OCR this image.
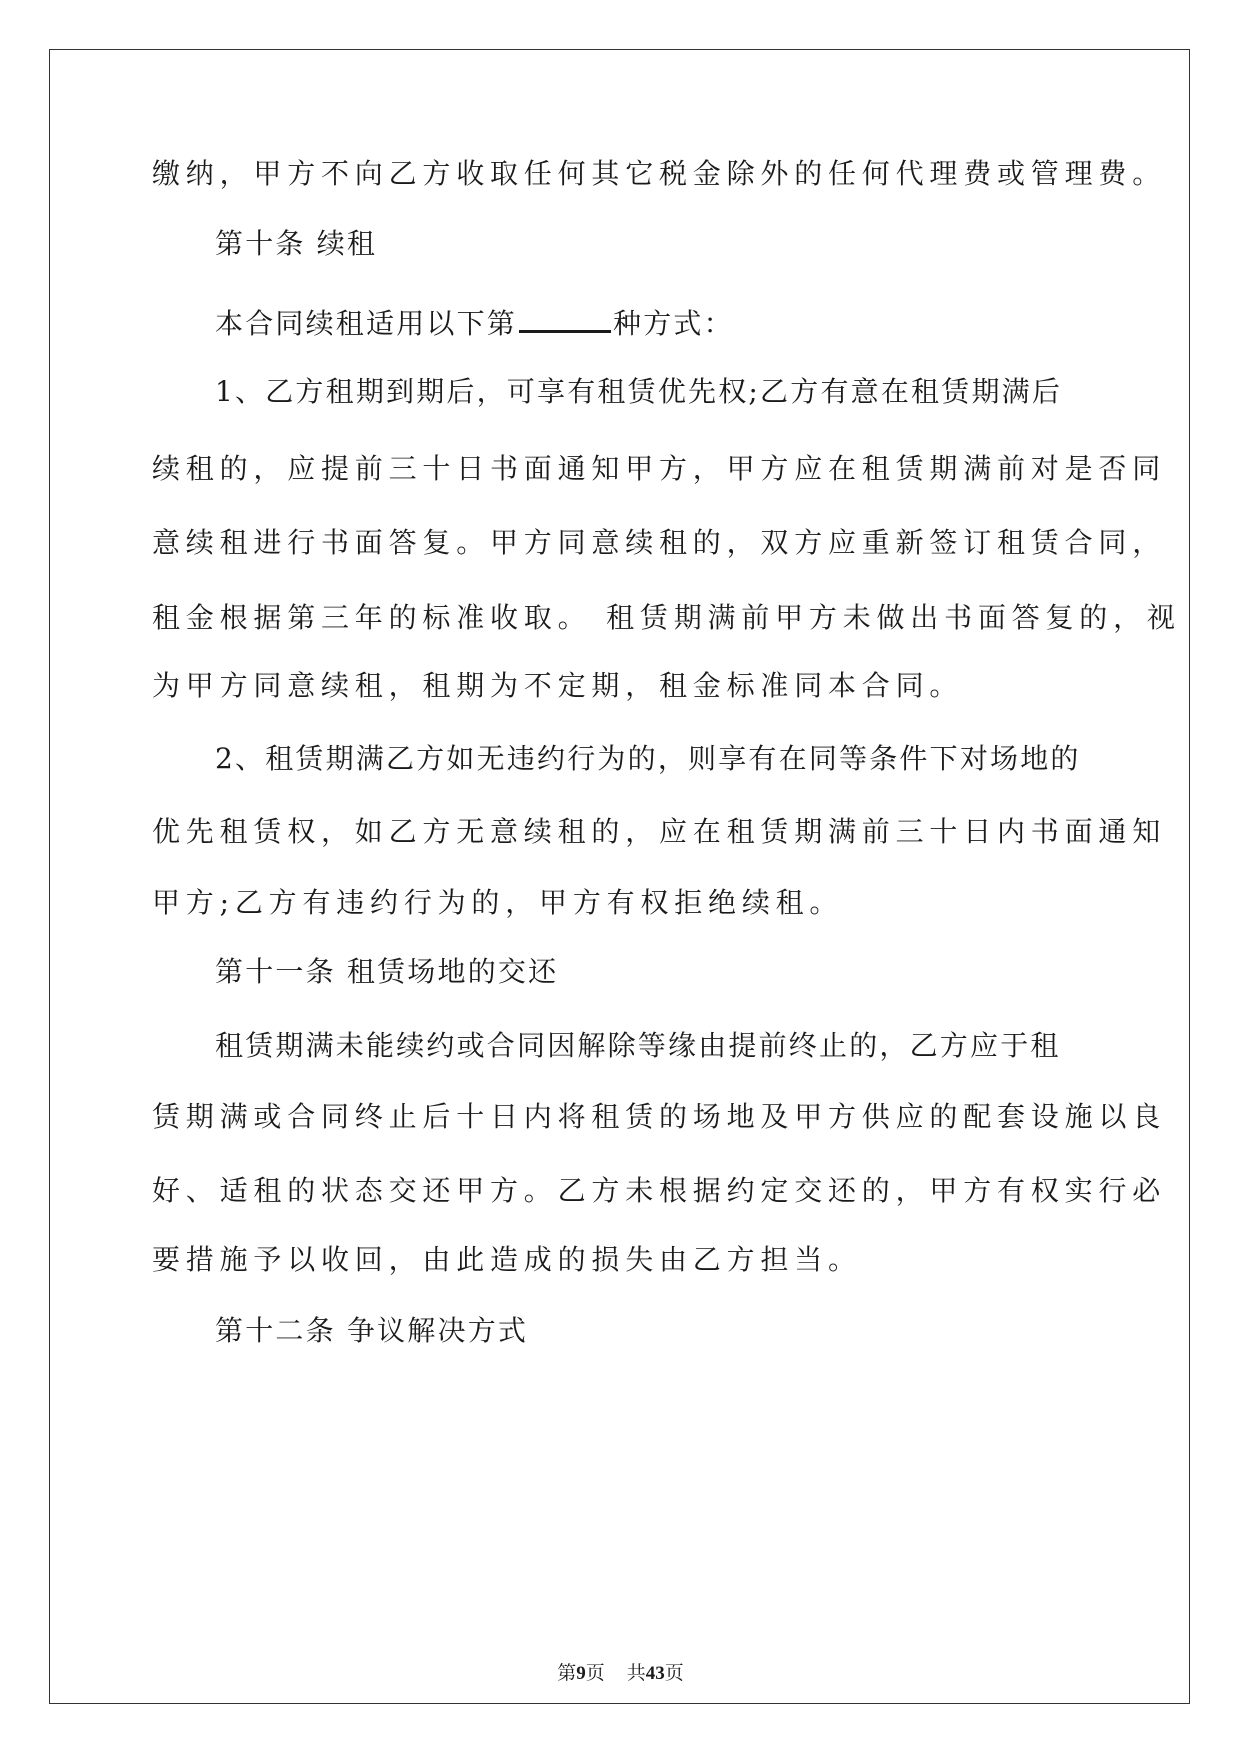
缴纳，甲方不向乙方收取任何其它税金除外的任何代理费或管理费。
第十条 续租
本合同续租适用以下第	种方式：
1、乙方租期到期后，可享有租赁优先权;乙方有意在租赁期满后
续租的，应提前三十日书面通知甲方，甲方应在租赁期满前对是否同
意续租进行书面答复。甲方同意续租的，双方应重新签订租赁合同，
租金根据第三年的标准收取。 租赁期满前甲方未做出书面答复的，视
为甲方同意续租，租期为不定期，租金标准同本合同。
2、租赁期满乙方如无违约行为的，则享有在同等条件下对场地的
优先租赁权，如乙方无意续租的，应在租赁期满前三十日内书面通知
甲方;乙方有违约行为的，甲方有权拒绝续租。
第十一条 租赁场地的交还
租赁期满未能续约或合同因解除等缘由提前终止的，乙方应于租
赁期满或合同终止后十日内将租赁的场地及甲方供应的配套设施以良
好、适租的状态交还甲方。乙方未根据约定交还的，甲方有权实行必
要措施予以收回，由此造成的损失由乙方担当。
第十二条 争议解决方式
第9页 共43页
